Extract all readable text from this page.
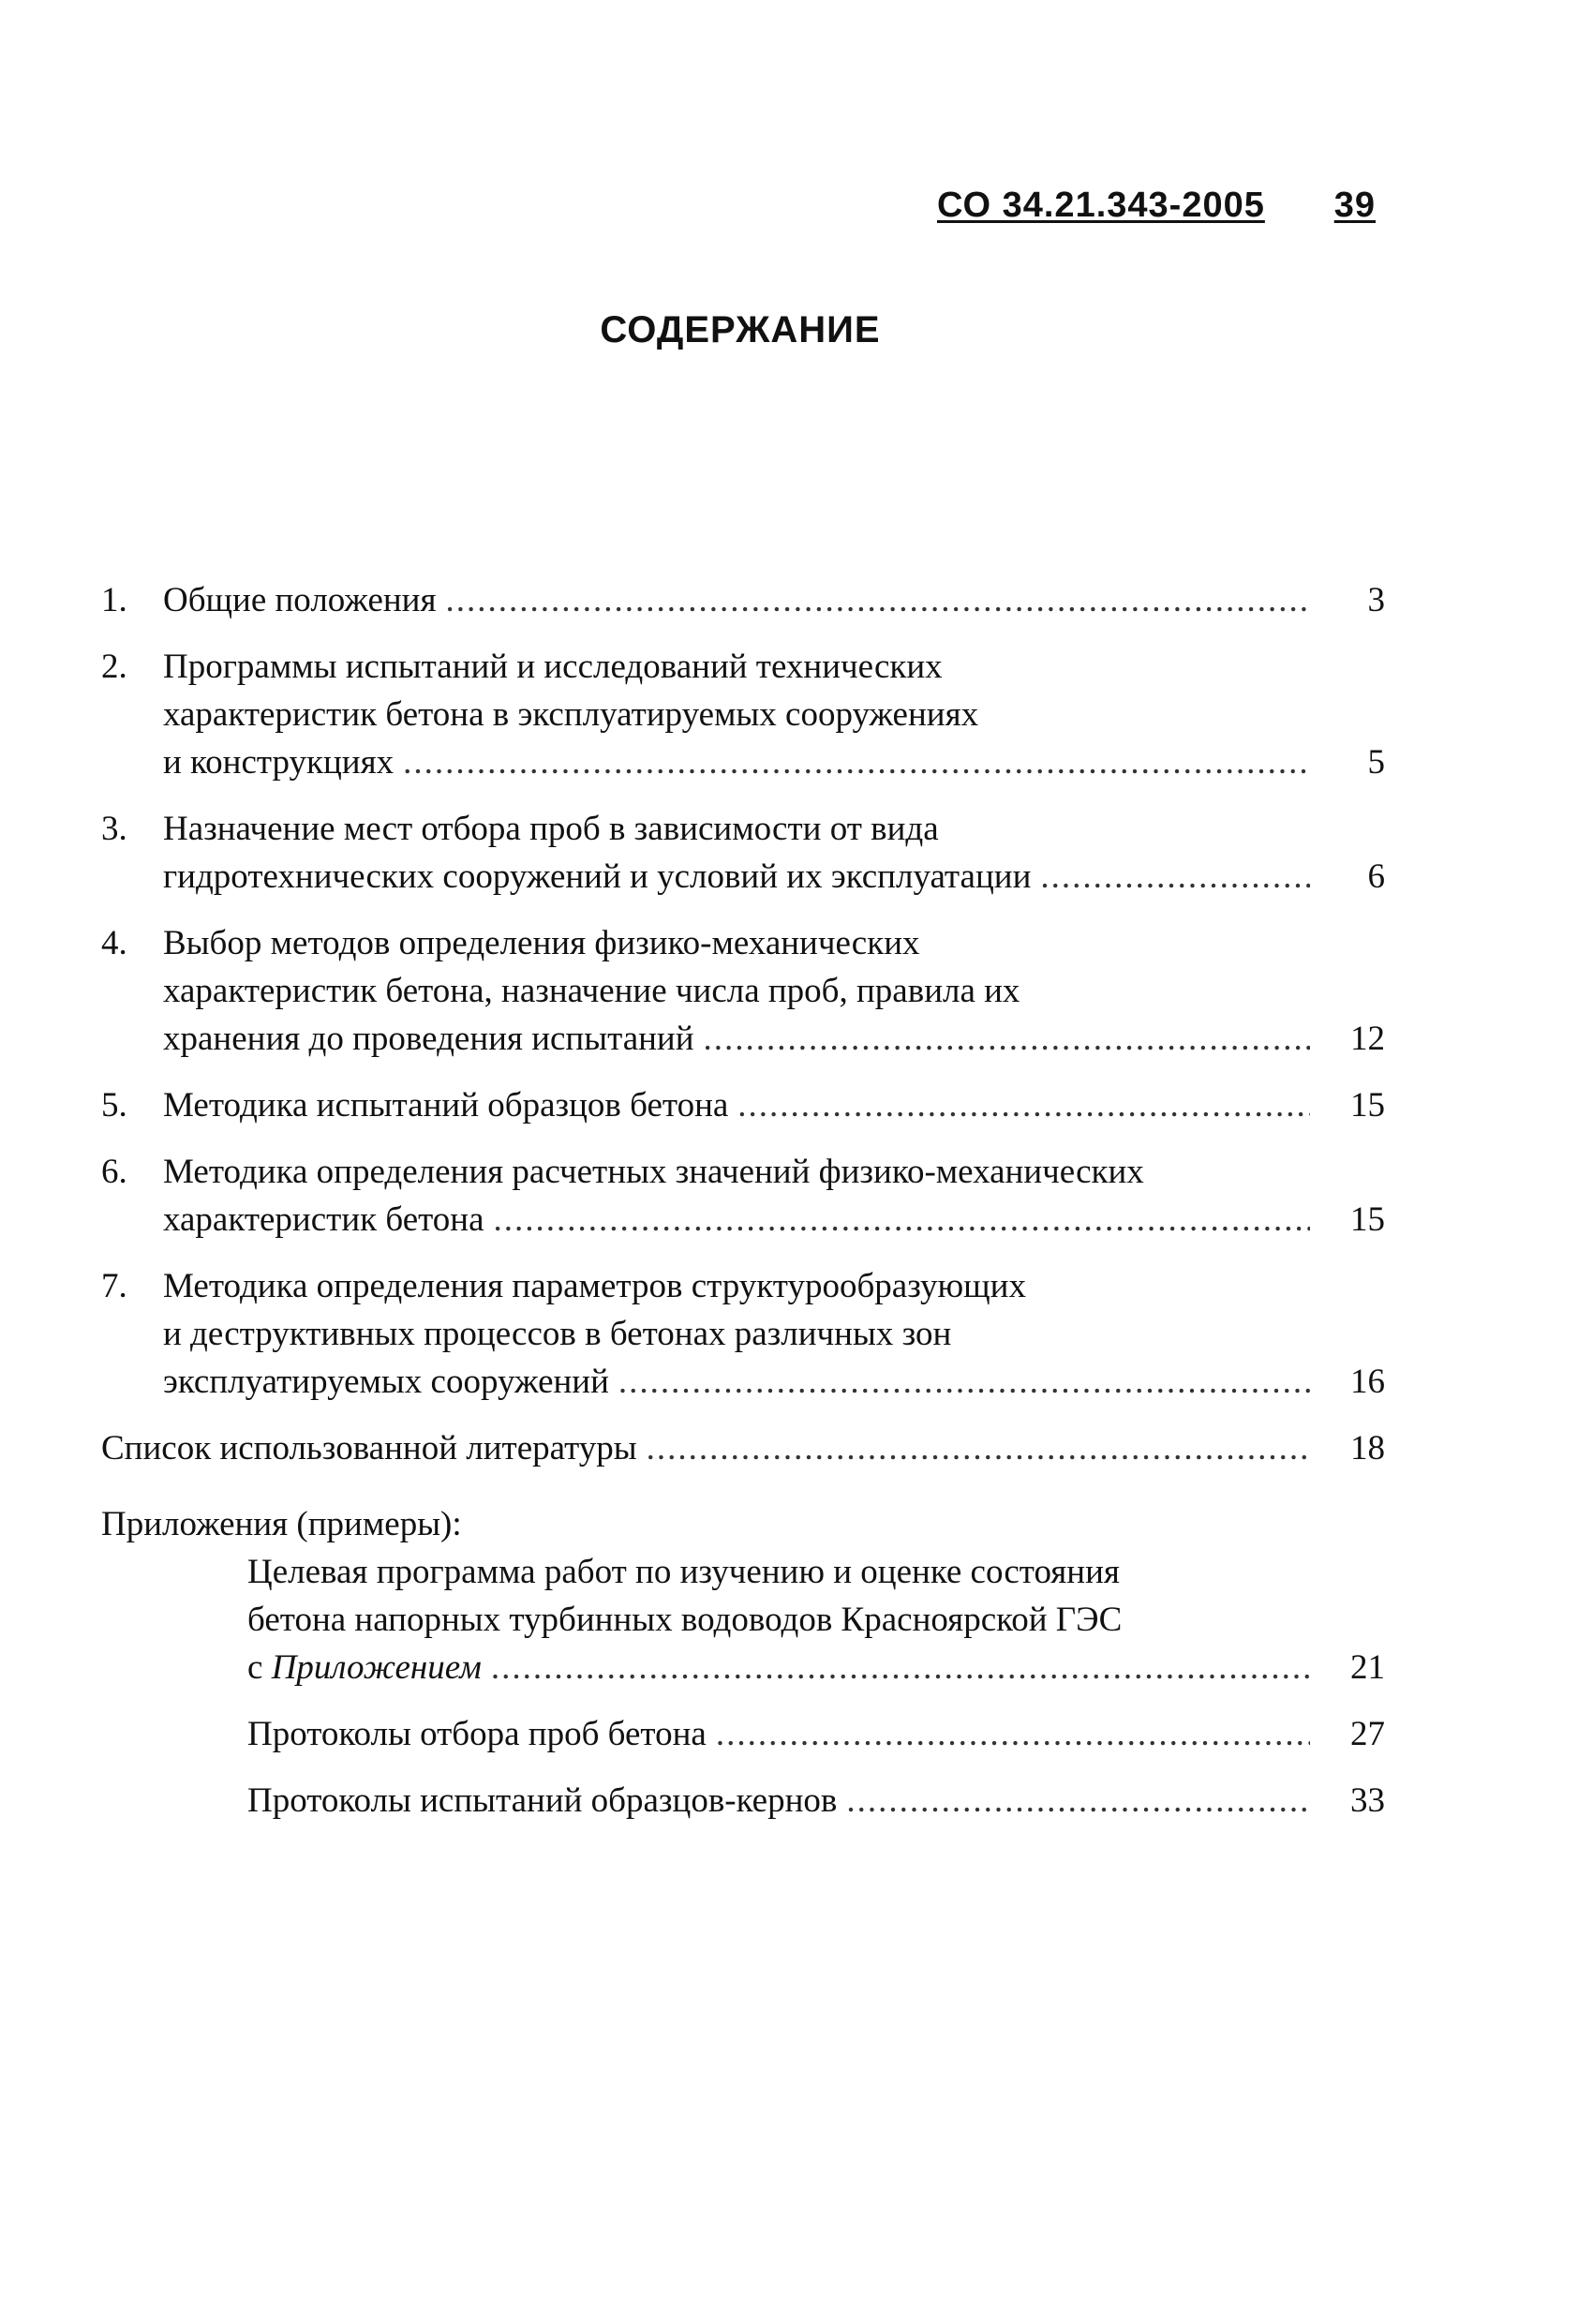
СО 34.21.343-2005 39
СОДЕРЖАНИЕ
1.	Общие положения .....	3
2.	Программы испытаний и исследований технических
характеристик бетона в эксплуатируемых сооружениях
и конструкциях .....	5
3.	Назначение мест отбора проб в зависимости от вида
гидротехнических сооружений и условий их эксплуатации .....	6
4.	Выбор методов определения физико-механических
характеристик бетона, назначение числа проб, правила их
хранения до проведения испытаний .....	12
5.	Методика испытаний образцов бетона .....	15
6.	Методика определения расчетных значений физико-механических
характеристик бетона .....	15
7.	Методика определения параметров структурообразующих
и деструктивных процессов в бетонах различных зон
эксплуатируемых сооружений .....	16
Список использованной литературы .....	18
Приложения (примеры):
Целевая программа работ по изучению и оценке состояния
бетона напорных турбинных водоводов Красноярской ГЭС
с Приложением .....	21
Протоколы отбора проб бетона .....	27
Протоколы испытаний образцов-кернов .....	33
